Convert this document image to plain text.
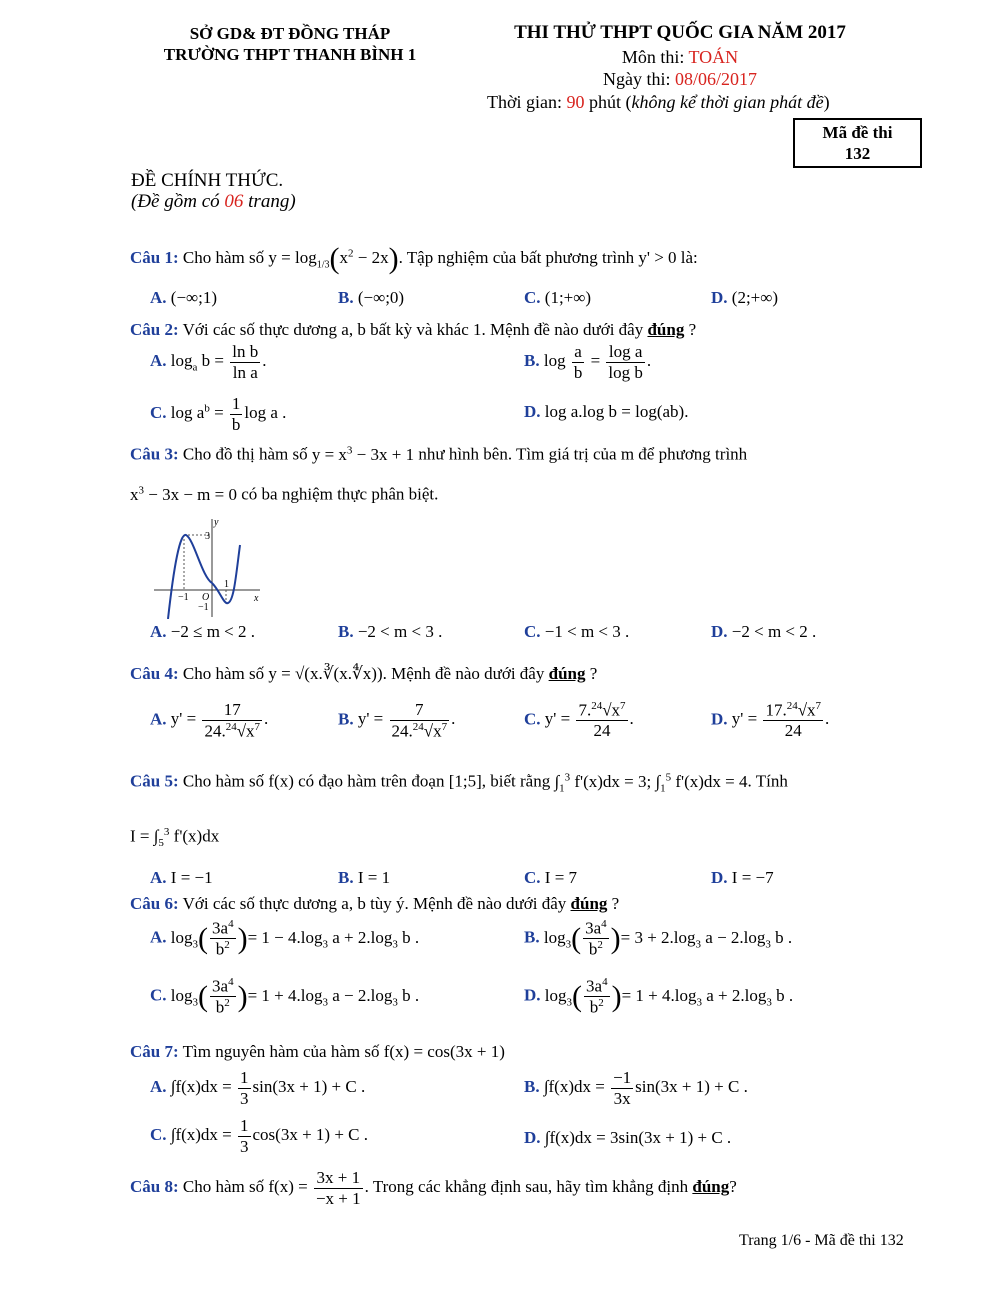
SỞ GD& ĐT ĐỒNG THÁP
TRƯỜNG THPT THANH BÌNH 1
THI THỬ THPT QUỐC GIA NĂM 2017
Môn thi: TOÁN
Ngày thi: 08/06/2017
Thời gian: 90 phút (không kể thời gian phát đề)
Mã đề thi
132
ĐỀ CHÍNH THỨC.
(Đề gồm có 06 trang)
Câu 1: Cho hàm số $y = \log_{1/3}(x^2 - 2x)$. Tập nghiệm của bất phương trình y' > 0 là:
A. (−∞;1)	B. (−∞;0)	C. (1;+∞)	D. (2;+∞)
Câu 2: Với các số thực dương a, b bất kỳ và khác 1. Mệnh đề nào dưới đây đúng ?
A. $\log_a b = \frac{\text{ln b}}{\text{ln a}}$ .	B. $\log \frac{a}{b} = \frac{\text{log a}}{\text{log b}}$ .
C. $\log a^b = \frac{1}{b}$ log a .	D. log a.log b = log(ab).
Câu 3: Cho đồ thị hàm số $y = x^3 - 3x + 1$ như hình bên. Tìm giá trị của m để phương trình
$x^3 - 3x - m = 0$ có ba nghiệm thực phân biệt.
y
x
3
1
−1 O
−1
A. −2 ≤ m < 2 .	B. −2 < m < 3 .	C. −1 < m < 3 .	D. −2 < m < 2 .
Câu 4: Cho hàm số y = √(x.∛(x.∜x)). Mệnh đề nào dưới đây đúng ?
A. $y' = \frac{17}{24.^{24}√x^7}$ .	B. $y' = \frac{7}{24.^{24}√x^7}$ .	C. $y' = \frac{7.^{24}√x^7}{24}$ .	D. $y' = \frac{17.^{24}√x^7}{24}$ .
Câu 5: Cho hàm số f(x) có đạo hàm trên đoạn [1;5], biết rằng $\int_1^3$ f'(x)dx = 3; $\int_1^5$ f'(x)dx = 4. Tính
$I = \int_5^3$ f'(x)dx
A. I = −1	B. I = 1	C. I = 7	D. I = −7
Câu 6: Với các số thực dương a, b tùy ý. Mệnh đề nào dưới đây đúng ?
A. $\log_3( \frac{3a^4}{b^2}$ )= $1 - 4.\log_3$ $a + 2.\log_3$ b .	B. $\log_3( \frac{3a^4}{b^2}$ )= $3 + 2.\log_3$ $a - 2.\log_3$ b .
C. $\log_3( \frac{3a^4}{b^2}$ )= $1 + 4.\log_3$ $a - 2.\log_3$ b .	D. $\log_3( \frac{3a^4}{b^2}$ )= $1 + 4.\log_3$ $a + 2.\log_3$ b .
Câu 7: Tìm nguyên hàm của hàm số f(x) = cos(3x + 1)
A. $\int f(x)dx = \frac{1}{3} \sin(3x + 1) + C$ .	B. $\int f(x)dx = \frac{-1}{3x} \sin(3x + 1) + C$ .
C. $\int f(x)dx = \frac{1}{3} \cos(3x + 1) + C$ .	D. ∫f(x)dx = 3sin(3x + 1) + C .
Câu 8: Cho hàm số $f(x) = \frac{3x + 1}{-x + 1}$ . Trong các khẳng định sau, hãy tìm khẳng định đúng?
Trang 1/6 - Mã đề thi 132
